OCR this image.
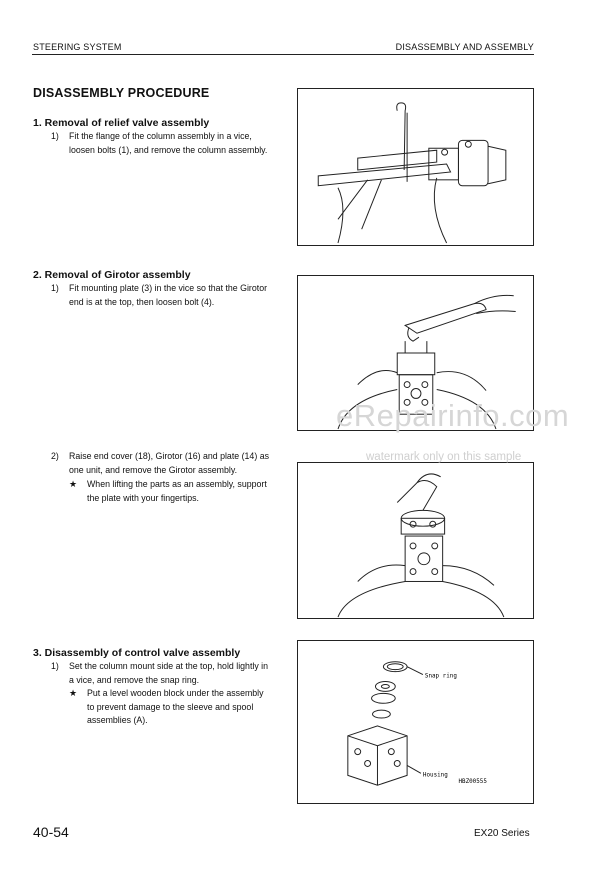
STEERING SYSTEM	DISASSEMBLY AND ASSEMBLY
DISASSEMBLY PROCEDURE
1. Removal of relief valve assembly
1) Fit the flange of the column assembly in a vice, loosen bolts (1), and remove the column assembly.
2. Removal of Girotor assembly
1) Fit mounting plate (3) in the vice so that the Girotor end is at the top, then loosen bolt (4).
2) Raise end cover (18), Girotor (16) and plate (14) as one unit, and remove the Girotor assembly.
★ When lifting the parts as an assembly, support the plate with your fingertips.
3. Disassembly of control valve assembly
1) Set the column mount side at the top, hold lightly in a vice, and remove the snap ring.
★ Put a level wooden block under the assembly to prevent damage to the sleeve and spool assemblies (A).
Snap ring
Housing
HBZ00555
eRepairinfo.com
watermark only on this sample
40-54	EX20 Series
